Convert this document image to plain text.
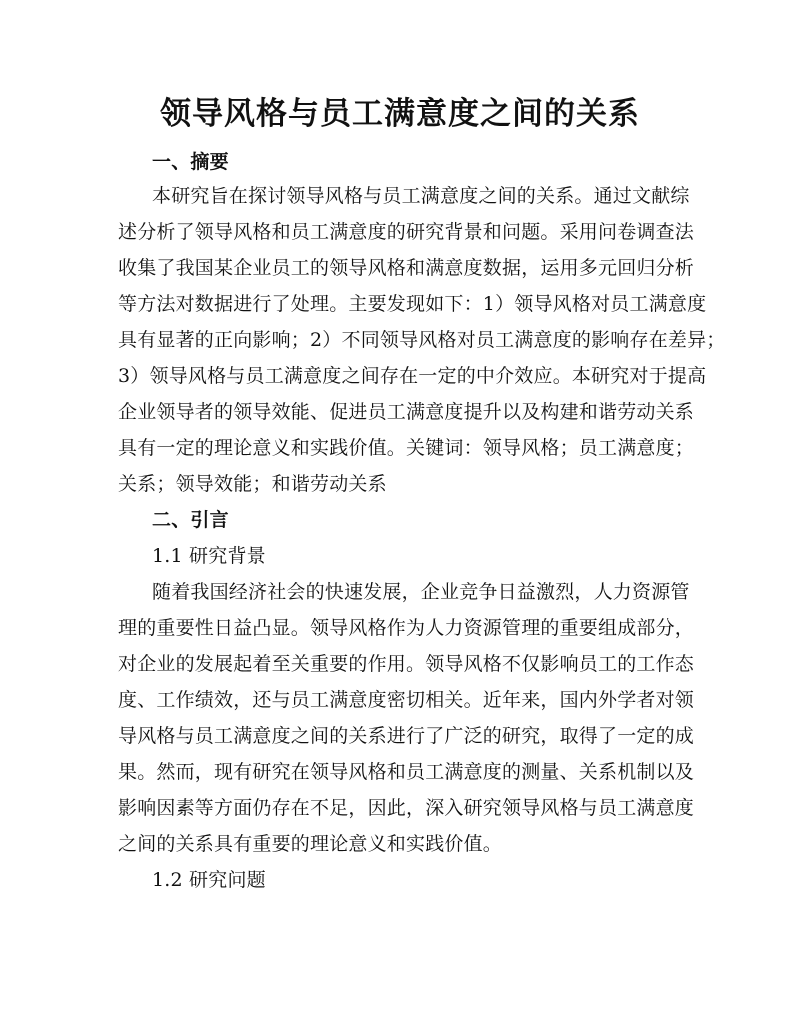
领导风格与员工满意度之间的关系
一、摘要
本研究旨在探讨领导风格与员工满意度之间的关系。通过文献综
述分析了领导风格和员工满意度的研究背景和问题。采用问卷调查法
收集了我国某企业员工的领导风格和满意度数据，运用多元回归分析
等方法对数据进行了处理。主要发现如下：1）领导风格对员工满意度
具有显著的正向影响；2）不同领导风格对员工满意度的影响存在差异；
3）领导风格与员工满意度之间存在一定的中介效应。本研究对于提高
企业领导者的领导效能、促进员工满意度提升以及构建和谐劳动关系
具有一定的理论意义和实践价值。关键词：领导风格；员工满意度；
关系；领导效能；和谐劳动关系
二、引言
1.1 研究背景
随着我国经济社会的快速发展，企业竞争日益激烈，人力资源管
理的重要性日益凸显。领导风格作为人力资源管理的重要组成部分，
对企业的发展起着至关重要的作用。领导风格不仅影响员工的工作态
度、工作绩效，还与员工满意度密切相关。近年来，国内外学者对领
导风格与员工满意度之间的关系进行了广泛的研究，取得了一定的成
果。然而，现有研究在领导风格和员工满意度的测量、关系机制以及
影响因素等方面仍存在不足，因此，深入研究领导风格与员工满意度
之间的关系具有重要的理论意义和实践价值。
1.2 研究问题
